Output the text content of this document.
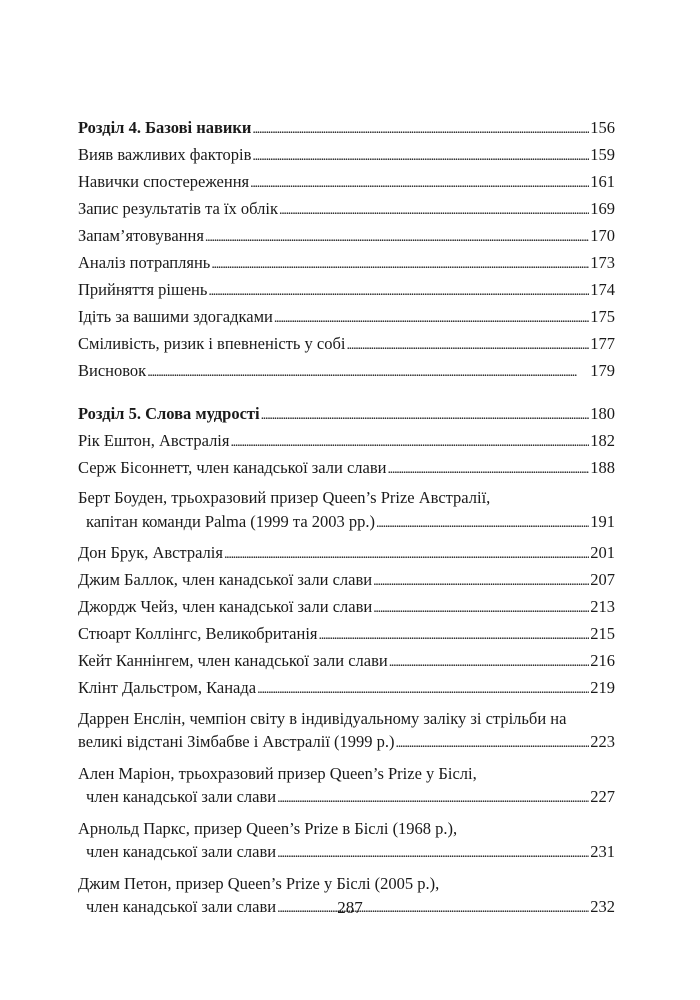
Розділ 4. Базові навики . . .	156
Вияв важливих факторів . . .	159
Навички спостереження . . .	161
Запис результатів та їх облік . . .	169
Запам’ятовування . . .	170
Аналіз потраплянь . . .	173
Прийняття рішень . . .	174
Ідіть за вашими здогадками . . .	175
Сміливість, ризик і впевненість у собі . . .	177
Висновок . . .	179
Розділ 5. Слова мудрості . . .	180
Рік Ештон, Австралія . . .	182
Серж Бісоннетт, член канадської зали слави . . .	188
Берт Боуден, трьохразовий призер Queen’s Prize Австралії,
капітан команди Palma (1999 та 2003 рр.) . . .	191
Дон Брук, Австралія . . .	201
Джим Баллок, член канадської зали слави . . .	207
Джордж Чейз, член канадської зали слави . . .	213
Стюарт Коллінгс, Великобританія . . .	215
Кейт Каннінгем, член канадської зали слави . . .	216
Клінт Дальстром, Канада . . .	219
Даррен Енслін, чемпіон світу в індивідуальному заліку зі стрільби на
великі відстані Зімбабве і Австралії (1999 р.) . . .	223
Ален Маріон, трьохразовий призер Queen’s Prize у Біслі,
член канадської зали слави . . .	227
Арнольд Паркс, призер Queen’s Prize в Біслі (1968 р.),
член канадської зали слави . . .	231
Джим Петон, призер Queen’s Prize у Біслі (2005 р.),
член канадської зали слави . . .	232
287
